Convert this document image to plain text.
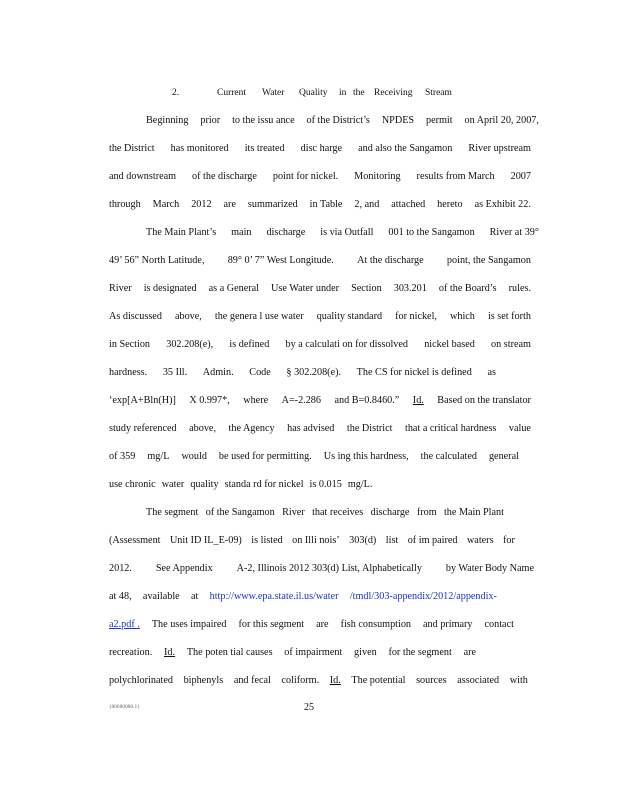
2.	Current Water Quality in the Receiving Stream
Beginning prior to the issu ance of the District’s NPDES permit on April 20, 2007,
the District has monitored its treated disc harge and also the Sangamon River upstream
and downstream of the discharge point for nickel. Monitoring results from March 2007
through March 2012 are summarized in Table 2, and attached hereto as Exhibit 22.
The Main Plant’s main discharge is via Outfall 001 to the Sangamon River at 39°
49’ 56” North Latitude, 89° 0’ 7” West Longitude. At the discharge point, the Sangamon
River is designated as a General Use Water under Section 303.201 of the Board’s rules.
As discussed above, the genera l use water quality standard for nickel, which is set forth
in Section 302.208(e), is defined by a calculati on for dissolved nickel based on stream
hardness. 35 Ill. Admin. Code § 302.208(e). The CS for nickel is defined as
‘exp[A+Bln(H)] X 0.997*, where A=-2.286 and B=0.8460.” Id. Based on the translator
study referenced above, the Agency has advised the District that a critical hardness value
of 359 mg/L would be used for permitting. Us ing this hardness, the calculated general
use chronic water quality standa rd for nickel is 0.015 mg/L.
The segment of the Sangamon River that receives discharge from the Main Plant
(Assessment Unit ID IL_E-09) is listed on Illi nois’ 303(d) list of im paired waters for
2012. See Appendix A-2, Illinois 2012 303(d) List, Alphabetically by Water Body Name
at 48, available at http://www.epa.state.il.us/water /tmdl/303-appendix/2012/appendix-
a2.pdf . The uses impaired for this segment are fish consumption and primary contact
recreation. Id. The poten tial causes of impairment given for the segment are
polychlorinated biphenyls and fecal coliform. Id. The potential sources associated with
25
{00000000.1}
